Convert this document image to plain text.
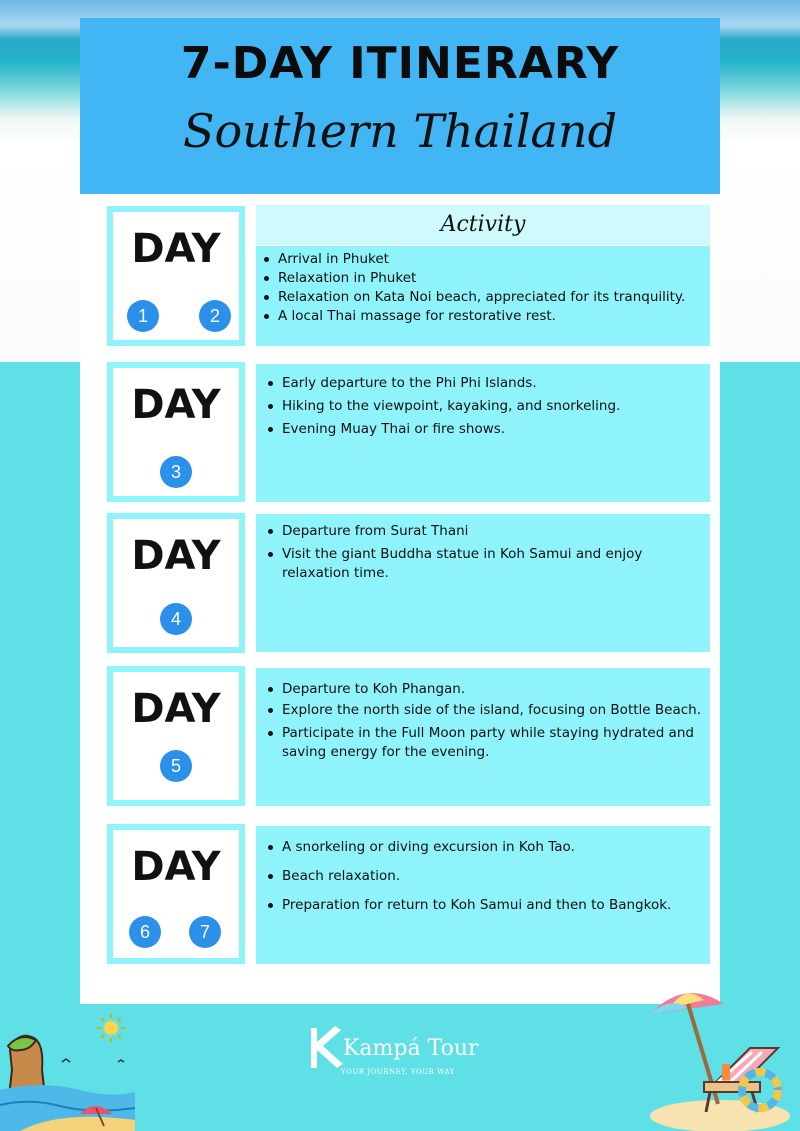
7-DAY ITINERARY
Southern Thailand
Activity
DAY
1	2
Arrival in Phuket
Relaxation in Phuket
Relaxation on Kata Noi beach, appreciated for its tranquility.
A local Thai massage for restorative rest.
DAY
3
Early departure to the Phi Phi Islands.
Hiking to the viewpoint, kayaking, and snorkeling.
Evening Muay Thai or fire shows.
DAY
4
Departure from Surat Thani
Visit the giant Buddha statue in Koh Samui and enjoy relaxation time.
DAY
5
Departure to Koh Phangan.
Explore the north side of the island, focusing on Bottle Beach.
Participate in the Full Moon party while staying hydrated and saving energy for the evening.
DAY
6	7
A snorkeling or diving excursion in Koh Tao.
Beach relaxation.
Preparation for return to Koh Samui and then to Bangkok.
Kampá Tour
YOUR JOURNEY, YOUR WAY
